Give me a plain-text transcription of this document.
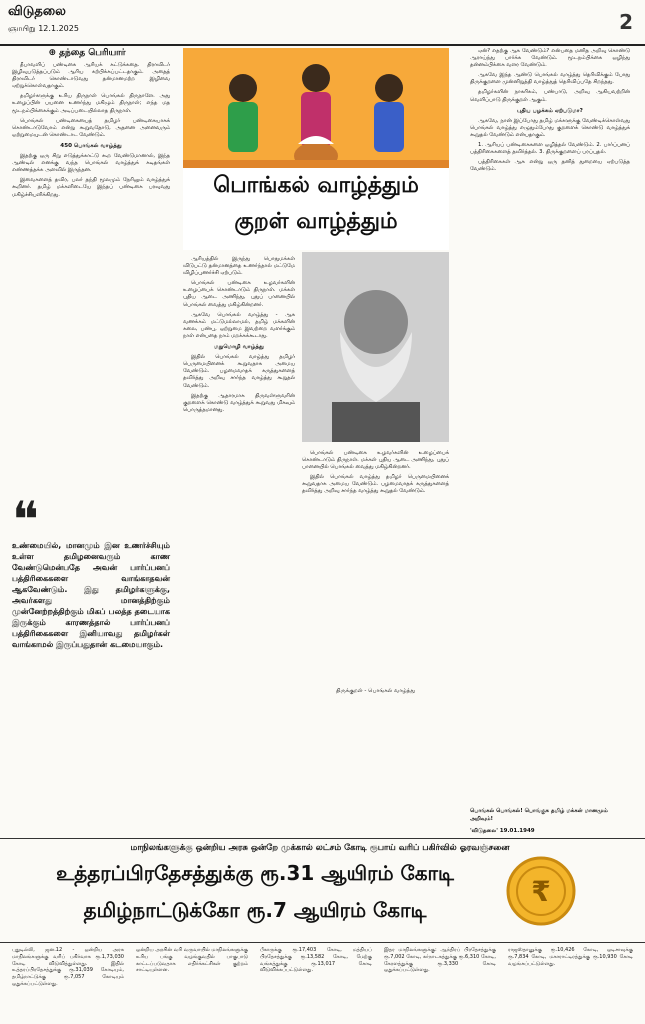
விடுதலை
ஞாயிறு 12.1.2025	2
⊕ தந்தை பெரியார்

தீபாவளிப் பண்டிகை ஆரியக் கட்டுக்கதை. திராவிடர் இழிவுபடுத்தப்படும் ஆரிய கற்பிக்கப்பட்டதாகும். அதைத் திராவிடர் கொண்டாடுவது தன்மானமற்ற இழிவை ஏற்றுக்கொள்வதாகும்.

தமிழர்களுக்கு உரிய திருநாள் பொங்கல் திருநாளே. அது உழைப்பின் பயனை உணர்ந்து மகிழும் திருநாள்; எந்த மத மூடநம்பிக்கைக்கும் அடிப்படையில்லாத திருநாள்.

பொங்கல் பண்டிகையைத் தமிழர் பண்டிகையாகக் கொண்டாடுவோம் என்று கூறுவதோடு, அதனை அனைவரும் ஒற்றுமையுடன் கொண்டாட வேண்டும்.

450 பொங்கல் வாழ்த்து

இதற்கு ஒரு சிறு எடுத்துக்காட்டு கூற வேண்டுமானால், இந்த ஆண்டில் எனக்கு வந்த பொங்கல் வாழ்த்துக் கடிதங்கள் எண்ணத்தக்க அளவில் இருந்தன.

இவைகளைத் தவிர, பலர் தந்தி மூலமும் நேரிலும் வாழ்த்துக் கூறினர். தமிழ் மக்களிடையே இந்தப் பண்டிகை பரவுவது மகிழ்ச்சியளிக்கிறது.

❝
உண்மையில், மானமும் இன உணர்ச்சியும் உள்ள தமிழனைவரும் காண வேண்டுமென்பதே அவன் பார்ப்பனப் பத்திரிகைகளை வாங்காதவன் ஆகவேண்டும். இது தமிழர்களுக்கு, அவர்களது மானத்திற்கும் முன்னேற்றத்திற்கும் மிகப் பலத்த தடையாக இருக்கும் காரணத்தால் பார்ப்பனப் பத்திரிகைகளை இனியாவது தமிழர்கள் வாங்காமல் இருப்பதுதான் கடமையாகும்.
பொங்கல் வாழ்த்தும்
குறள் வாழ்த்தும்

ஆரியத்தில் இருந்து பொதுமக்கள் விடுபட்டு தன்மானத்தை உணர்ந்தால் மட்டுமே விழிப்புணர்ச்சி ஏற்படும்.

பொங்கல் பண்டிகை உழவர்களின் உழைப்பைக் கொண்டாடும் திருநாள். மக்கள் புதிய ஆடை அணிந்து, புதுப் பானையில் பொங்கல் வைத்து மகிழ்கின்றனர்.

ஆகவே பொங்கல் வாழ்த்து - ஆக வணக்கம் மட்டுமல்லாமல், தமிழ் மக்களின் கலை, பண்பு, ஒற்றுமை இவற்றை வளர்க்கும் நாள் என்பதை நாம் மறக்கக்கூடாது.

மறுமொழி வாழ்த்து

இதில் பொங்கல் வாழ்த்து தமிழர் பெருமையினைக் கூறுவதாக அமைய வேண்டும். பழமைவாதக் கருத்துகளைத் தவிர்த்து அறிவு சார்ந்த வாழ்த்து கூறுதல் வேண்டும்.

இதற்கு ஆதாரமாக திருவள்ளுவரின் குறளைக் கொண்டு வாழ்த்துக் கூறுவது மிகவும் பொருத்தமானது.

பொங்கல் பண்டிகை உழவர்களின் உழைப்பைக் கொண்டாடும் திருநாள். மக்கள் புதிய ஆடை அணிந்து, புதுப் பானையில் பொங்கல் வைத்து மகிழ்கின்றனர்.

இதில் பொங்கல் வாழ்த்து தமிழர் பெருமையினைக் கூறுவதாக அமைய வேண்டும். பழமைவாதக் கருத்துகளைத் தவிர்த்து அறிவு சார்ந்த வாழ்த்து கூறுதல் வேண்டும்.

திருக்குறள் - பொங்கல் வாழ்த்து

ஏன்? எதற்கு ஆக வேண்டும்? என்பதை மனித அறிவு கொண்டு ஆராய்ந்து பார்க்க வேண்டும். மூடநம்பிக்கை ஒழிந்து தன்னம்பிக்கை வளர வேண்டும்.

ஆகவே இந்த ஆண்டு பொங்கல் வாழ்த்து தெரிவிக்கும் போது திருக்குறளை முன்னிறுத்தி வாழ்த்துத் தெரிவிப்பதே சிறந்தது.

தமிழர்களின் நாகரிகம், பண்பாடு, அறிவு ஆகியவற்றின் வெளிப்பாடு திருக்குறள் ஆகும்.

புதிய பழக்கம் ஏற்படுமா?

ஆகவே, நான் இப்போது தமிழ் மக்களுக்கு வேண்டிக்கொள்வது பொங்கல் வாழ்த்து எழுதும்போது குறளைக் கொண்டு வாழ்த்துக் கூறுதல் வேண்டும் என்பதாகும்.

1. ஆரியப் பண்டிகைகளை ஒழித்தல் வேண்டும். 2. பார்ப்பனப் பத்திரிகைகளைத் தவிர்த்தல். 3. திருக்குறளைப் பரப்புதல்.

பத்திரிகைகள் ஆக என்று ஒரு தனித் துறையை ஏற்படுத்த வேண்டும்.

பொங்கல் பொங்கல்! பொங்குக தமிழ் மக்கள் மானமும் அறிவும்!
'விடுதலை' 19.01.1949
மாநிலங்களுக்கு ஒன்றிய அரசு ஒன்றே முக்கால் லட்சம் கோடி ரூபாய் வரிப் பகிர்வில் ஓரவஞ்சனை
உத்தரப்பிரதேசத்துக்கு ரூ.31 ஆயிரம் கோடி
தமிழ்நாட்டுக்கோ ரூ.7 ஆயிரம் கோடி
₹
புதுடில்லி, ஜன.12 - ஒன்றிய அரசு மாநிலங்களுக்கு வரிப் பகிர்வாக ரூ.1,73,030 கோடி விடுவித்துள்ளது. இதில் உத்தரப்பிரதேசத்துக்கு ரூ.31,039 கோடியும், தமிழ்நாட்டுக்கு ரூ.7,057 கோடியும் ஒதுக்கப்பட்டுள்ளது.
ஒன்றிய அரசின் வரி வருவாயில் மாநிலங்களுக்கு உரிய பங்கு வழங்குவதில் பாகுபாடு காட்டப்படுவதாக எதிர்க்கட்சிகள் குற்றம் சாட்டியுள்ளன.
பீகாருக்கு ரூ.17,403 கோடி, மத்தியப் பிரதேசத்துக்கு ரூ.13,582 கோடி, மேற்கு வங்கத்துக்கு ரூ.13,017 கோடி விடுவிக்கப்பட்டுள்ளது.
இதர மாநிலங்களுக்கு: ஆந்திரப் பிரதேசத்துக்கு ரூ.7,002 கோடி, கர்நாடகத்துக்கு ரூ.6,310 கோடி, கேரளத்துக்கு ரூ.3,330 கோடி ஒதுக்கப்பட்டுள்ளது.
ராஜஸ்தானுக்கு ரூ.10,426 கோடி, ஒடிசாவுக்கு ரூ.7,834 கோடி, மகாராட்டிரத்துக்கு ரூ.10,930 கோடி வழங்கப்பட்டுள்ளது.
